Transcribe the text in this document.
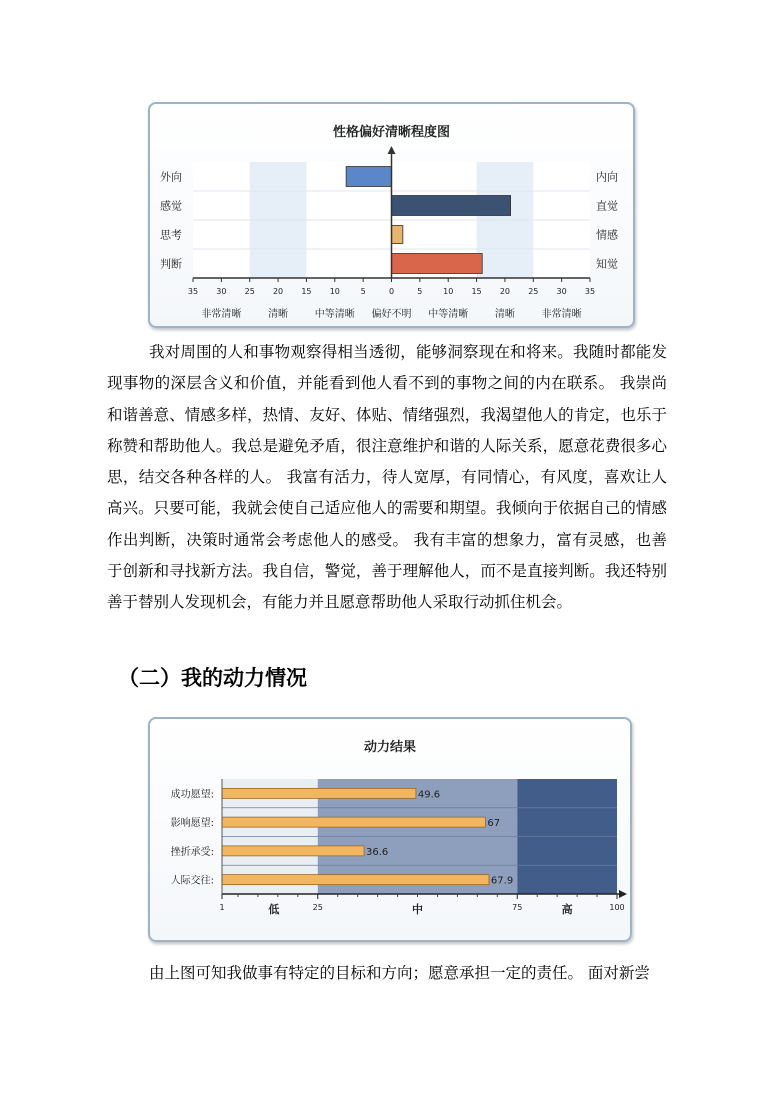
性格偏好清晰程度图
外向
感觉
思考
判断
内向
直觉
情感
知觉
35 30 25 20 15 10	5	0	5	10 15 20 25 30 35
非常清晰	清晰	中等清晰 偏好不明 中等清晰	清晰	非常清晰

我对周围的人和事物观察得相当透彻，能够洞察现在和将来。我随时都能发现事物的深层含义和价值，并能看到他人看不到的事物之间的内在联系。 我崇尚和谐善意、情感多样，热情、友好、体贴、情绪强烈，我渴望他人的肯定，也乐于称赞和帮助他人。我总是避免矛盾，很注意维护和谐的人际关系，愿意花费很多心思，结交各种各样的人。 我富有活力，待人宽厚，有同情心，有风度，喜欢让人高兴。只要可能，我就会使自己适应他人的需要和期望。我倾向于依据自己的情感作出判断，决策时通常会考虑他人的感受。 我有丰富的想象力，富有灵感，也善于创新和寻找新方法。我自信，警觉，善于理解他人，而不是直接判断。我还特别善于替别人发现机会，有能力并且愿意帮助他人采取行动抓住机会。

（二）我的动力情况
动力结果
成功愿望:	49.6
影响愿望:	67
挫折承受:	36.6
人际交往:	67.9
1	25	75	100
低	中	高

由上图可知我做事有特定的目标和方向；愿意承担一定的责任。 面对新尝
